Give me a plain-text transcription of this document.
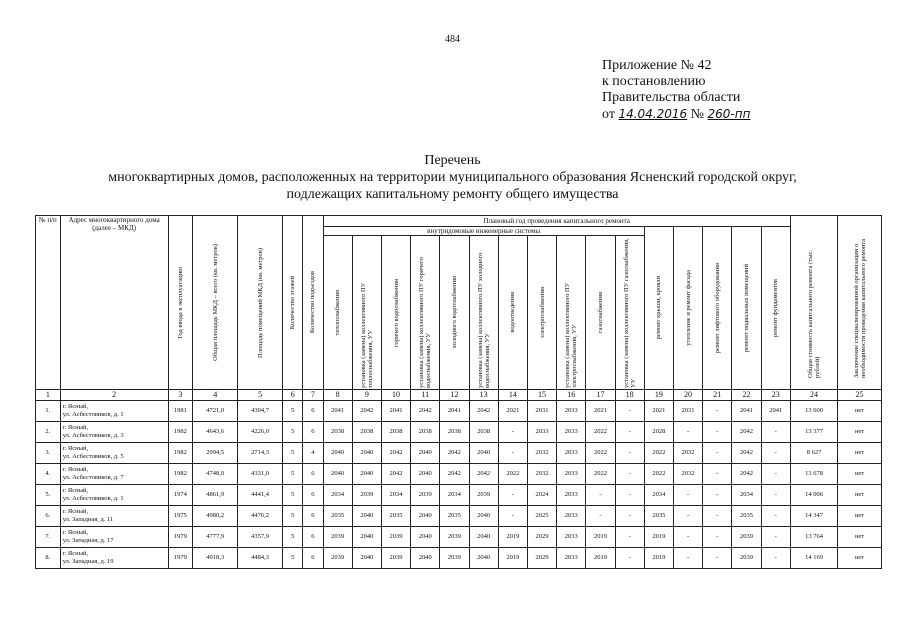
484
Приложение № 42
к постановлению
Правительства области
от 14.04.2016 № 260-пп
Перечень
многоквартирных домов, расположенных на территории муниципального образования Ясненский городской округ,
подлежащих капитальному ремонту общего имущества
№ п/п	Адрес многоквартирного дома (далее – МКД)	Год ввода в эксплуатацию	Общая площадь МКД – всего (кв. метров)	Площадь помещений МКД (кв. метров)	Количество этажей	Количество подъездов	Плановый год проведения капитального ремонта																Общая стоимость капитального ремонта (тыс. рублей)	Заключение специализированной организации о необходимости проведения капитального ремонта

							внутридомовые инженерные системы											ремонт крыши, кровли	утепление и ремонт фасада	ремонт лифтового оборудования	ремонт подвальных помещений	ремонт фундаментов		

							теплоснабжения	установка (замена) коллективного ПУ теплоснабжения, УУ	горячего водоснабжения	установка (замена) коллективного ПУ горячего водоснабжения, УУ	холодного водоснабжения	установка (замена) коллективного ПУ холодного водоснабжения, УУ	водоотведения	электроснабжения	установка (замена) коллективного ПУ электроснабжения, УУ	газоснабжения	установка (замена) коллективного ПУ газоснабжения, УУ							

1	2	3	4	5	6	7	8	9	10	11	12	13	14	15	16	17	18	19	20	21	22	23	24	25
1.	г. Ясный,
ул. Асбестовиков, д. 1	1981	4721,0	4304,7	5	6	2041	2042	2041	2042	2041	2042	2021	2031	2033	2021	-	2021	2031	-	2041	2041	13 600	нет
2.	г. Ясный,
ул. Асбестовиков, д. 3	1982	4643,6	4226,0	5	6	2038	2038	2038	2038	2038	2038	-	2033	2033	2022	-	2028	-	-	2042	-	13 377	нет
3.	г. Ясный,
ул. Асбестовиков, д. 5	1982	2994,5	2714,3	5	4	2040	2040	2042	2040	2042	2040	-	2032	2033	2022	-	2022	2032	-	2042	-	8 627	нет
4.	г. Ясный,
ул. Асбестовиков, д. 7	1982	4748,0	4331,0	5	6	2040	2040	2042	2040	2042	2042	2022	2032	2033	2022	-	2022	2032	-	2042	-	13 678	нет
5.	г. Ясный,
ул. Асбестовиков, д. 1	1974	4861,9	4441,4	5	6	2034	2039	2034	2039	2034	2039	-	2024	2033	-	-	2034	-	-	2034	-	14 006	нет
6.	г. Ясный,
ул. Западная, д. 11	1975	4980,2	4476,2	5	6	2035	2040	2035	2040	2035	2040	-	2025	2033	-	-	2035	-	-	2035	-	14 347	нет
7.	г. Ясный,
ул. Западная, д. 17	1979	4777,9	4357,9	5	6	2039	2040	2039	2040	2039	2040	2019	2029	2033	2019	-	2019	-	-	2039	-	13 764	нет
8.	г. Ясный,
ул. Западная, д. 19	1979	4918,3	4484,3	5	6	2039	2040	2039	2040	2039	2040	2019	2029	2033	2019	-	2019	-	-	2039	-	14 169	нет
